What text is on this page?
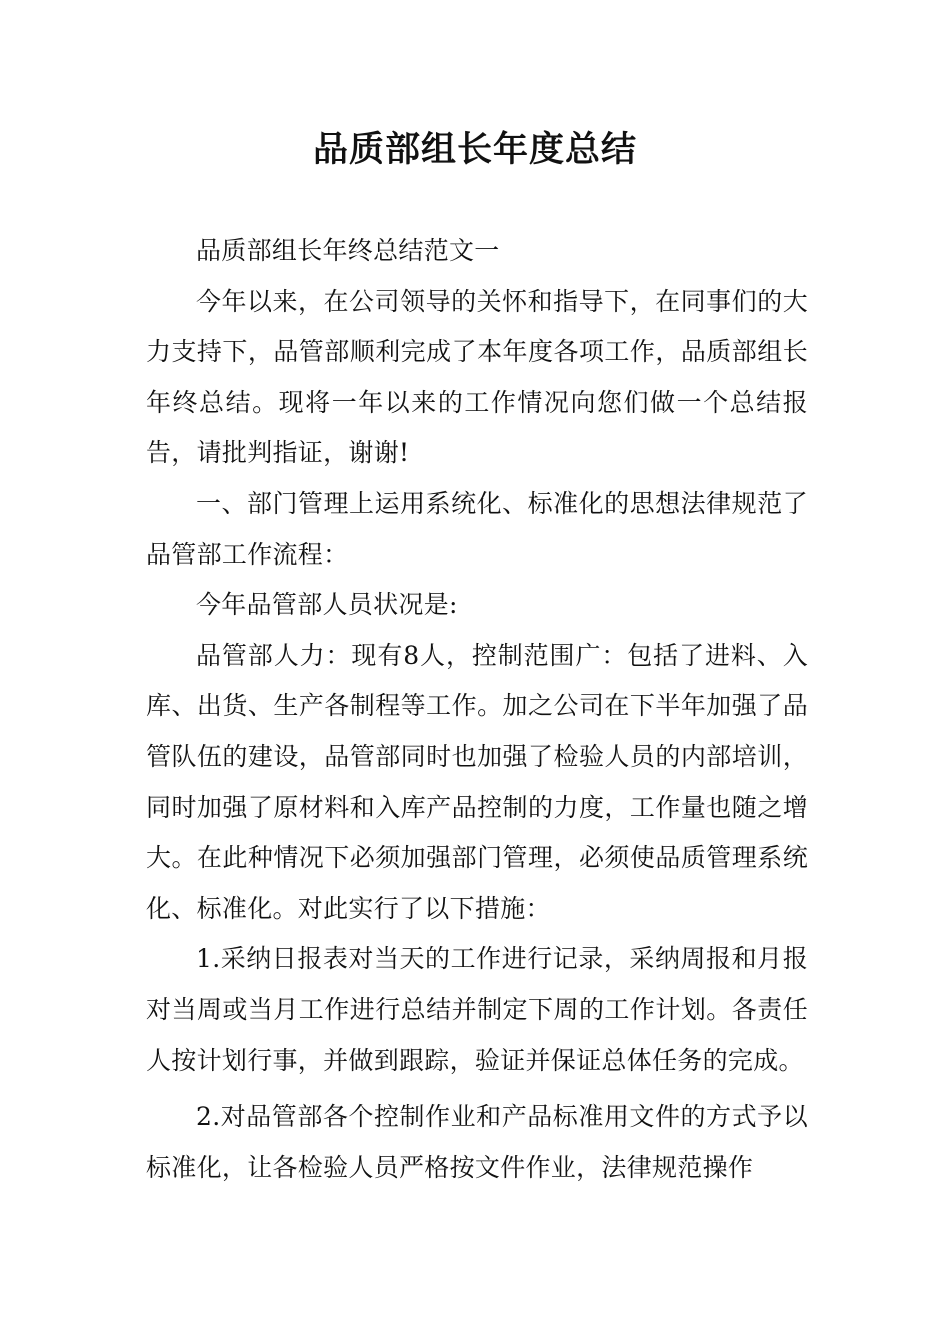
品质部组长年度总结

品质部组长年终总结范文一

今年以来，在公司领导的关怀和指导下，在同事们的大力支持下，品管部顺利完成了本年度各项工作，品质部组长年终总结。现将一年以来的工作情况向您们做一个总结报告，请批判指证，谢谢!

一、部门管理上运用系统化、标准化的思想法律规范了品管部工作流程：

今年品管部人员状况是:

品管部人力：现有8人，控制范围广：包括了进料、入库、出货、生产各制程等工作。加之公司在下半年加强了品管队伍的建设，品管部同时也加强了检验人员的内部培训，同时加强了原材料和入库产品控制的力度，工作量也随之增大。在此种情况下必须加强部门管理，必须使品质管理系统化、标准化。对此实行了以下措施：

1.采纳日报表对当天的工作进行记录，采纳周报和月报对当周或当月工作进行总结并制定下周的工作计划。各责任人按计划行事，并做到跟踪，验证并保证总体任务的完成。

2.对品管部各个控制作业和产品标准用文件的方式予以标准化，让各检验人员严格按文件作业，法律规范操作
